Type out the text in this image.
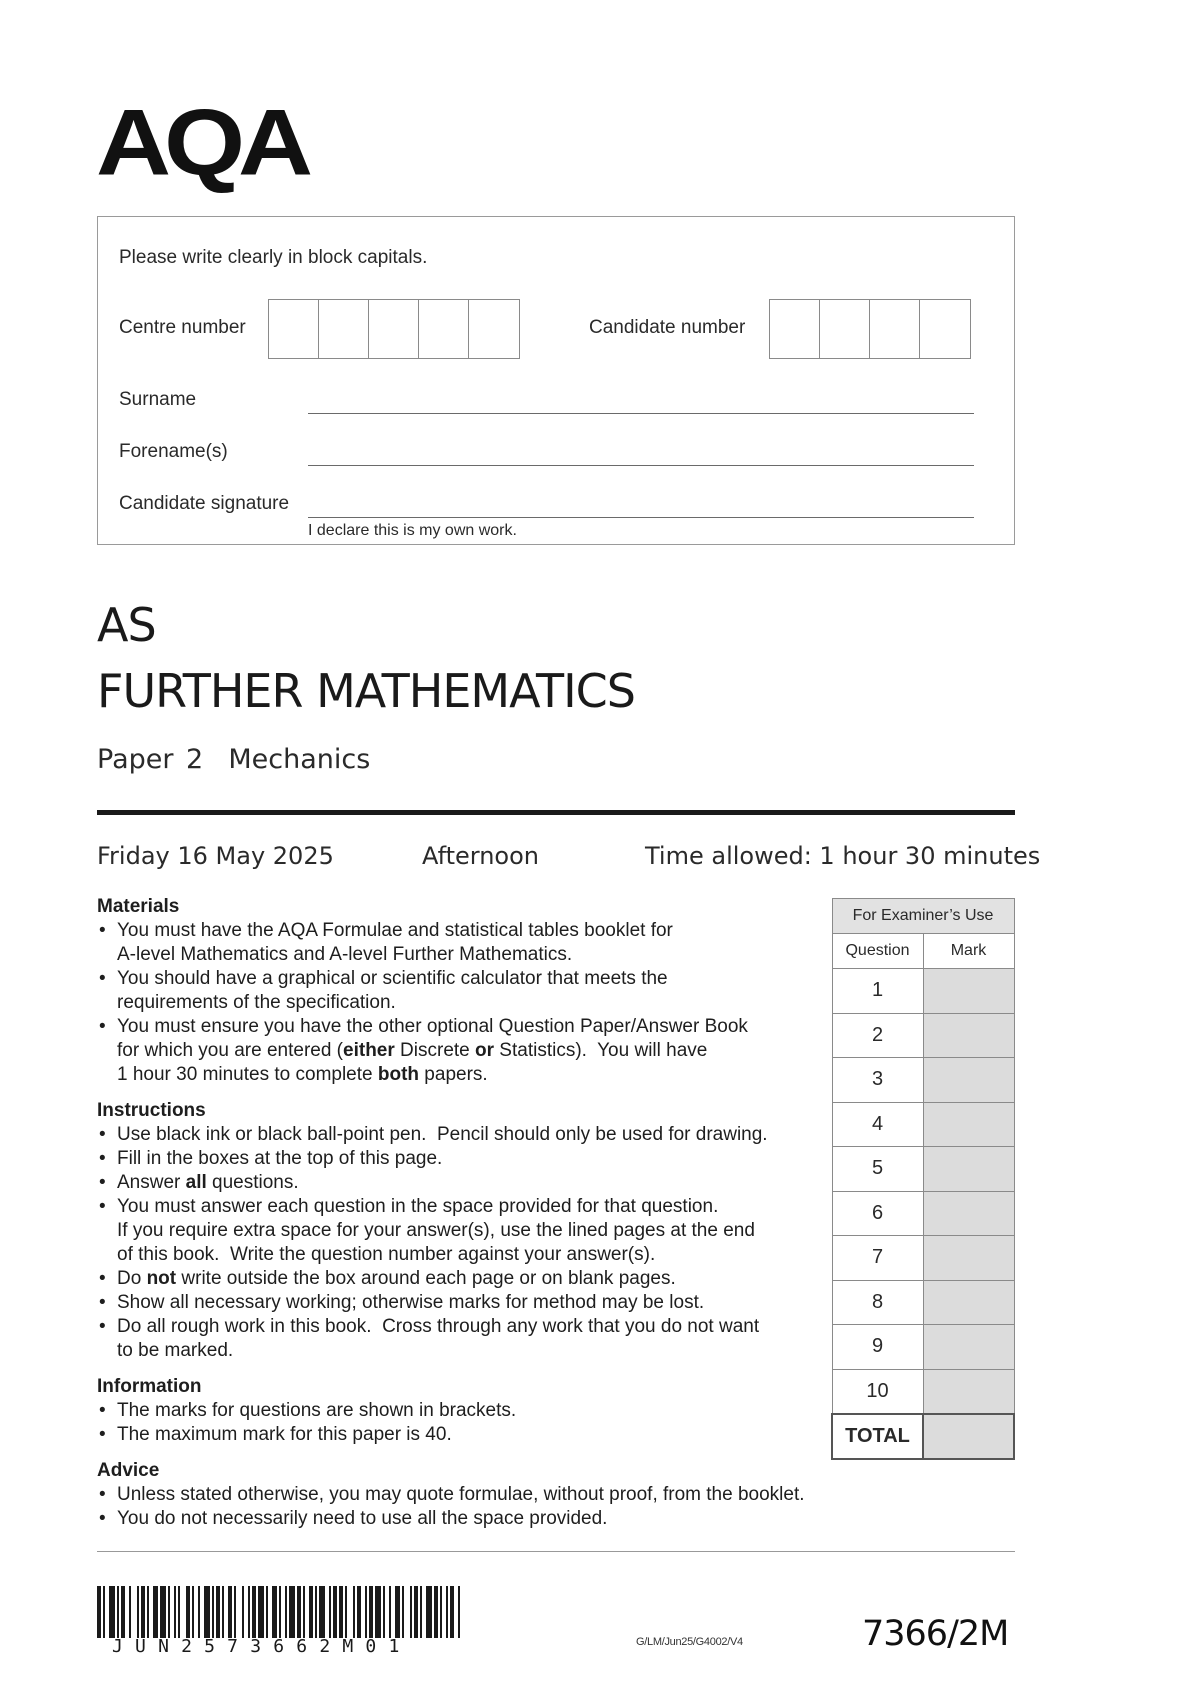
AQA
Please write clearly in block capitals.
Centre number	Candidate number
Surname
Forename(s)
Candidate signature
I declare this is my own work.
AS
FURTHER MATHEMATICS
Paper 2  Mechanics
Friday 16 May 2025	Afternoon	Time allowed: 1 hour 30 minutes
Materials
• You must have the AQA Formulae and statistical tables booklet for
A-level Mathematics and A-level Further Mathematics.
• You should have a graphical or scientific calculator that meets the
requirements of the specification.
• You must ensure you have the other optional Question Paper/Answer Book
for which you are entered (either Discrete or Statistics).  You will have
1 hour 30 minutes to complete both papers.
Instructions
• Use black ink or black ball-point pen.  Pencil should only be used for drawing.
• Fill in the boxes at the top of this page.
• Answer all questions.
• You must answer each question in the space provided for that question.
If you require extra space for your answer(s), use the lined pages at the end
of this book.  Write the question number against your answer(s).
• Do not write outside the box around each page or on blank pages.
• Show all necessary working; otherwise marks for method may be lost.
• Do all rough work in this book.  Cross through any work that you do not want
to be marked.
Information
• The marks for questions are shown in brackets.
• The maximum mark for this paper is 40.
Advice
• Unless stated otherwise, you may quote formulae, without proof, from the booklet.
• You do not necessarily need to use all the space provided.
For Examiner’s Use	
Question	Mark
1	
2	
3	
4	
5	
6	
7	
8	
9	
10	
TOTAL	
JUN2573662M01	G/LM/Jun25/G4002/V4	7366/2M
